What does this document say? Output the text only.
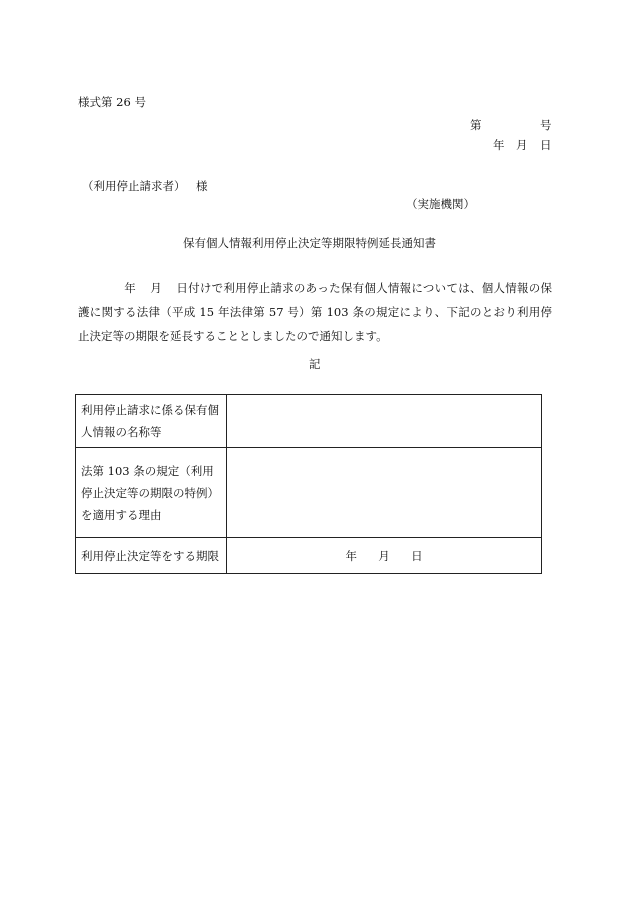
様式第 26 号
第	号
年 月 日
（利用停止請求者） 様
（実施機関）
保有個人情報利用停止決定等期限特例延長通知書
年 月 日付けで利用停止請求のあった保有個人情報については、個人情報の保護に関する法律（平成 15 年法律第 57 号）第 103 条の規定により、下記のとおり利用停止決定等の期限を延長することとしましたので通知します。
記
利用停止請求に係る保有個人情報の名称等	
法第 103 条の規定（利用停止決定等の期限の特例）を適用する理由	
利用停止決定等をする期限	年 月 日
